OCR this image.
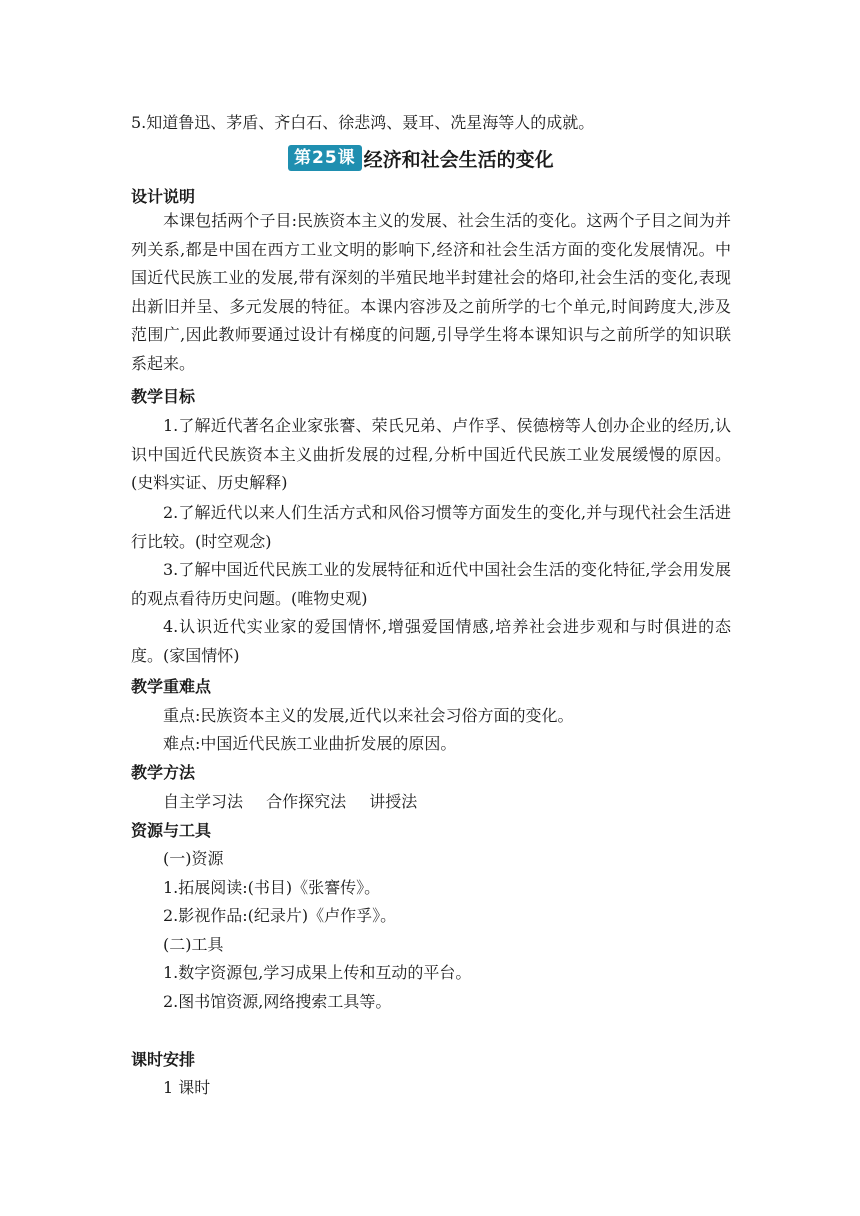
5.知道鲁迅、茅盾、齐白石、徐悲鸿、聂耳、冼星海等人的成就。
第25课 经济和社会生活的变化
设计说明
本课包括两个子目:民族资本主义的发展、社会生活的变化。这两个子目之间为并列关系,都是中国在西方工业文明的影响下,经济和社会生活方面的变化发展情况。中国近代民族工业的发展,带有深刻的半殖民地半封建社会的烙印,社会生活的变化,表现出新旧并呈、多元发展的特征。本课内容涉及之前所学的七个单元,时间跨度大,涉及范围广,因此教师要通过设计有梯度的问题,引导学生将本课知识与之前所学的知识联系起来。
教学目标
1.了解近代著名企业家张謇、荣氏兄弟、卢作孚、侯德榜等人创办企业的经历,认识中国近代民族资本主义曲折发展的过程,分析中国近代民族工业发展缓慢的原因。(史料实证、历史解释)
2.了解近代以来人们生活方式和风俗习惯等方面发生的变化,并与现代社会生活进行比较。(时空观念)
3.了解中国近代民族工业的发展特征和近代中国社会生活的变化特征,学会用发展的观点看待历史问题。(唯物史观)
4.认识近代实业家的爱国情怀,增强爱国情感,培养社会进步观和与时俱进的态度。(家国情怀)
教学重难点
重点:民族资本主义的发展,近代以来社会习俗方面的变化。
难点:中国近代民族工业曲折发展的原因。
教学方法
自主学习法 合作探究法 讲授法
资源与工具
(一)资源
1.拓展阅读:(书目)《张謇传》。
2.影视作品:(纪录片)《卢作孚》。
(二)工具
1.数字资源包,学习成果上传和互动的平台。
2.图书馆资源,网络搜索工具等。
课时安排
1 课时
